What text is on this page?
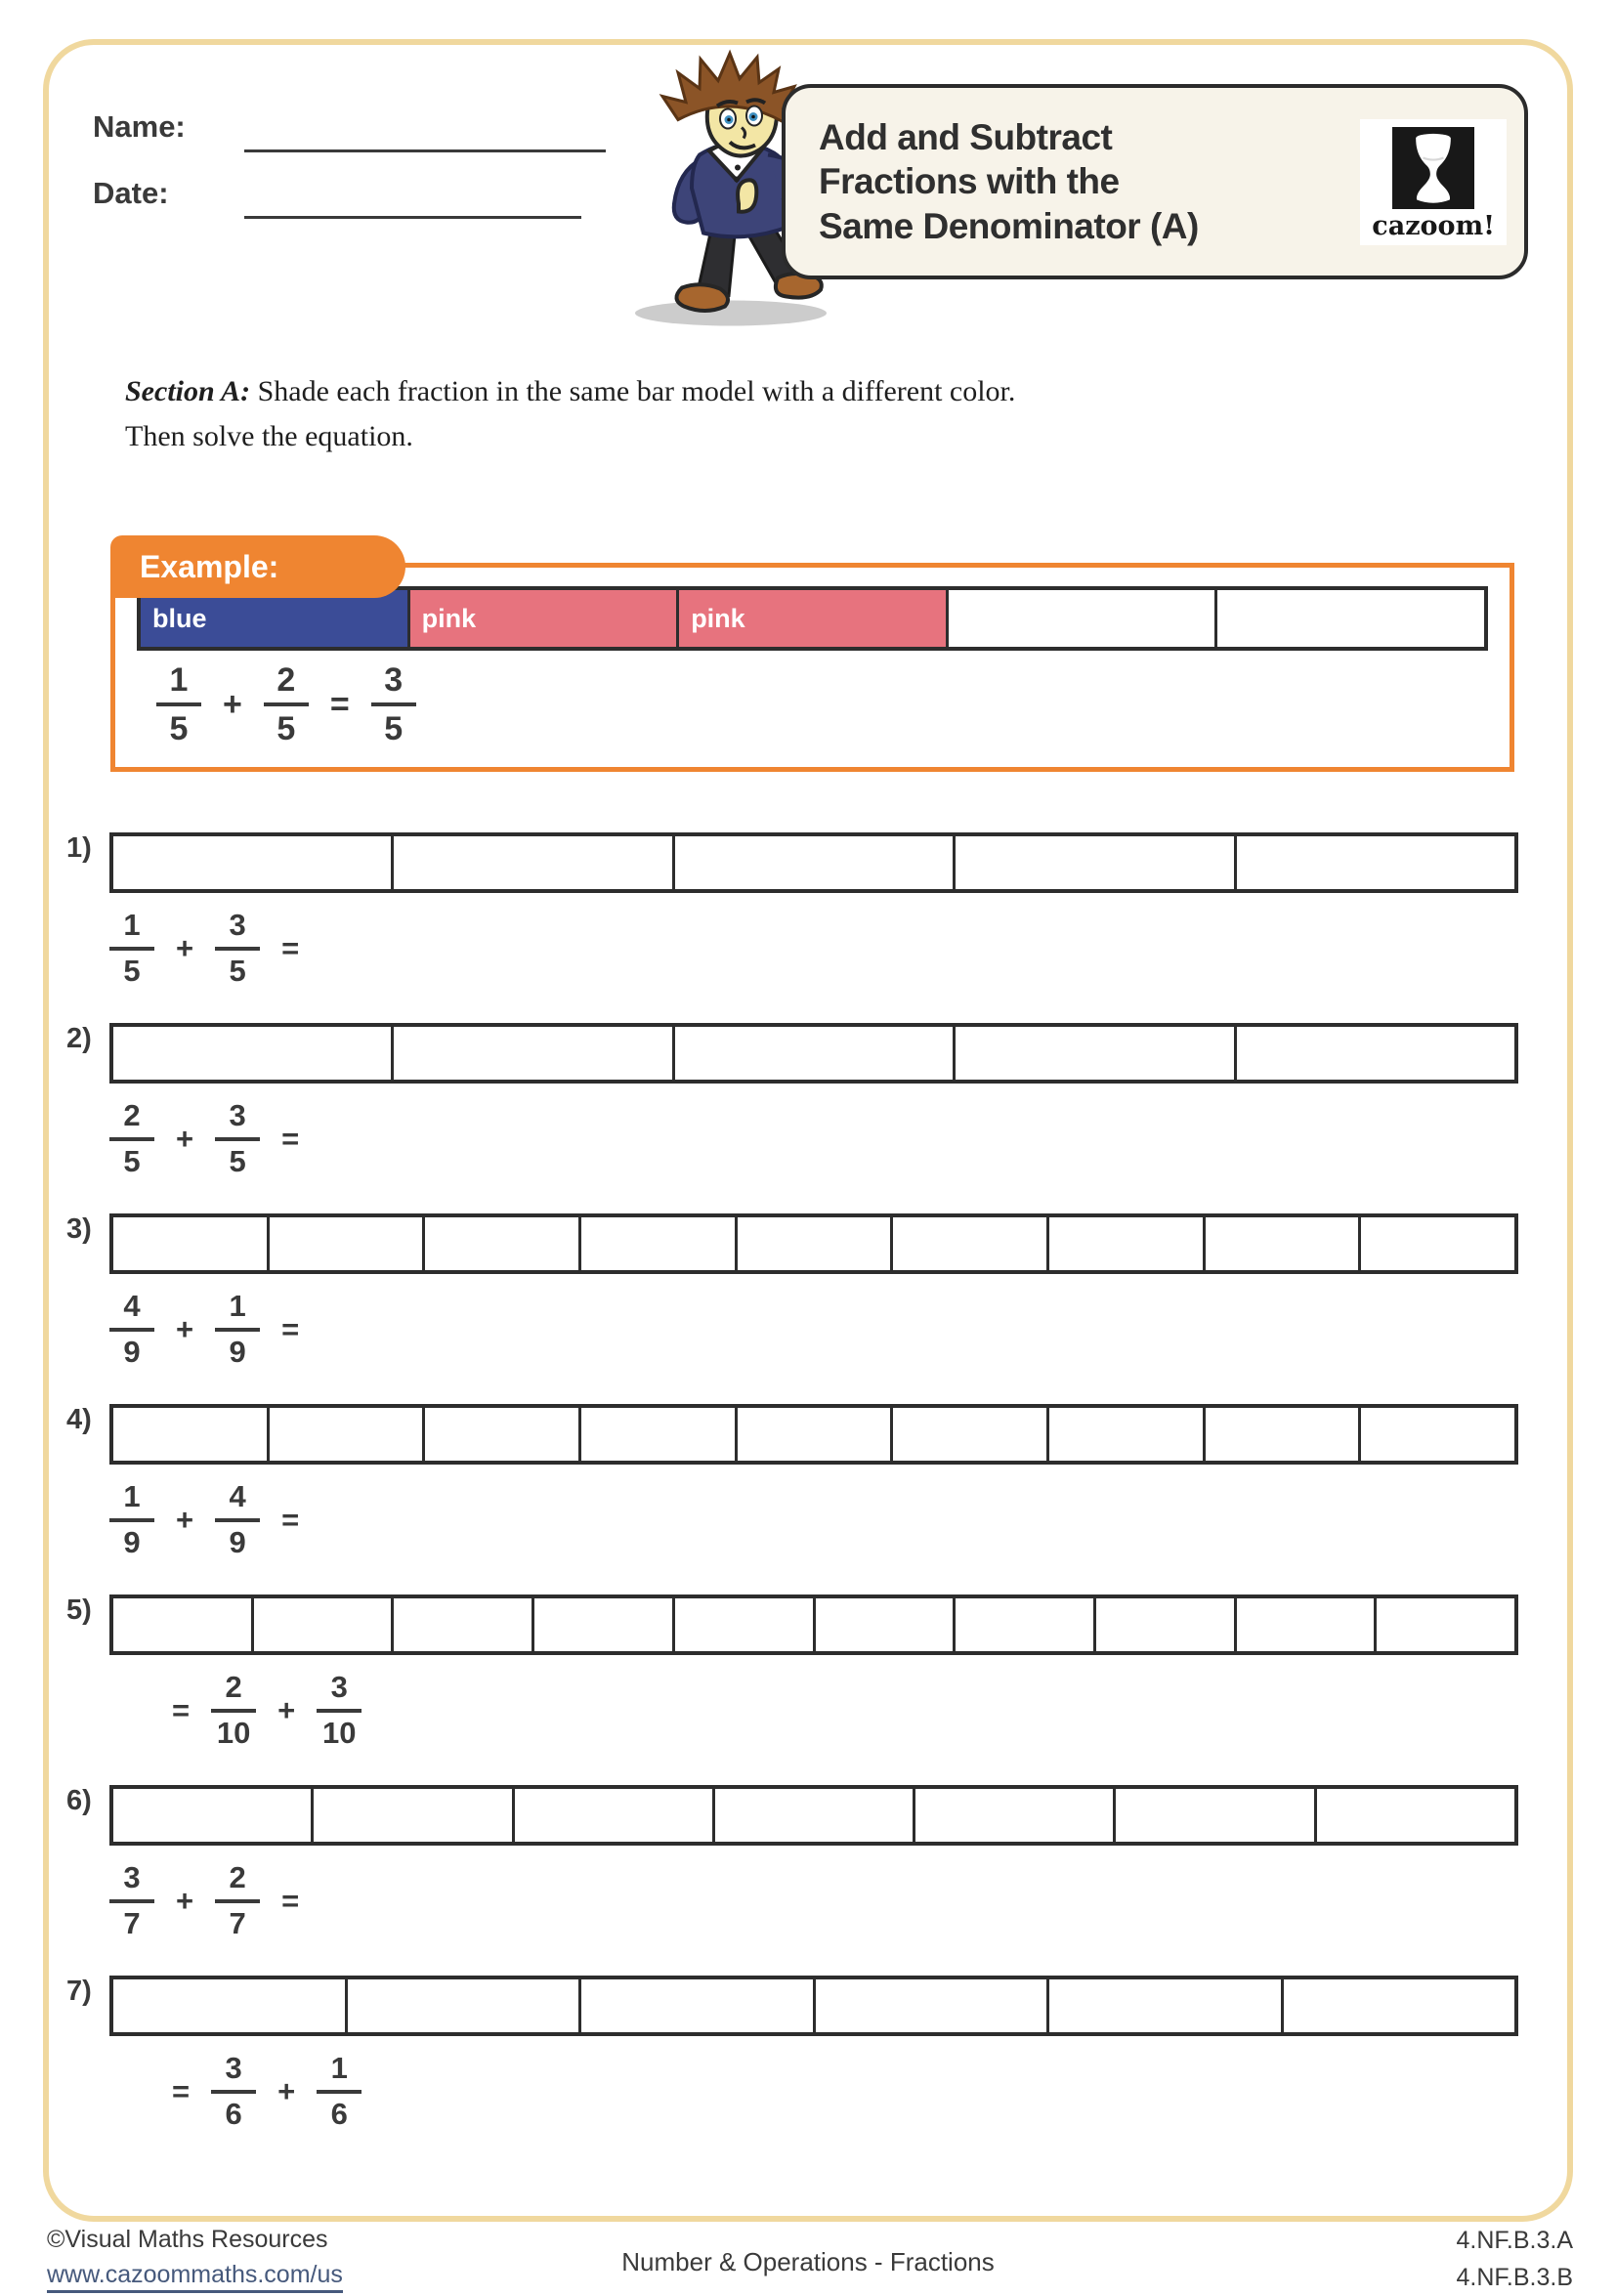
Name:
Date:
Add and Subtract
Fractions with the
Same Denominator (A)	cazoom!
Section A: Shade each fraction in the same bar model with a different color.
Then solve the equation.
Example:
blue	pink	pink
$\frac{1}{5} + \frac{2}{5} = \frac{3}{5}$
1)
$\frac{1}{5} + \frac{3}{5}$ =
2)
$\frac{2}{5} + \frac{3}{5}$ =
3)
$\frac{4}{9} + \frac{1}{9}$ =
4)
$\frac{1}{9} + \frac{4}{9}$ =
5)
= $\frac{2}{10} + \frac{3}{10}$
6)
$\frac{3}{7} + \frac{2}{7}$ =
7)
= $\frac{3}{6} + \frac{1}{6}$
©Visual Maths Resources
www.cazoommaths.com/us	Number & Operations - Fractions
4.NF.B.3.A
4.NF.B.3.B
